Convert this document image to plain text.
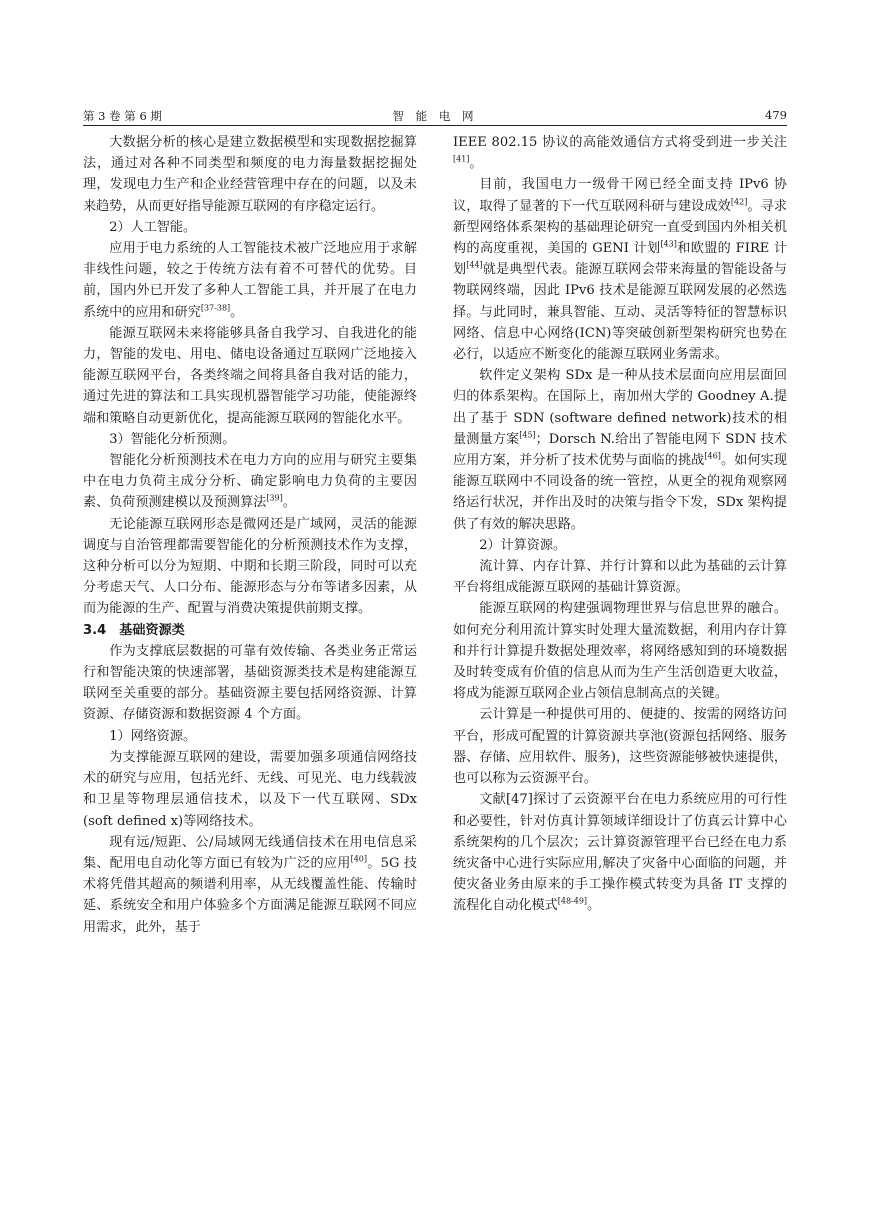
第 3 卷 第 6 期	智 能 电 网	479

大数据分析的核心是建立数据模型和实现数据挖掘算法，通过对各种不同类型和频度的电力海量数据挖掘处理，发现电力生产和企业经营管理中存在的问题，以及未来趋势，从而更好指导能源互联网的有序稳定运行。

2）人工智能。

应用于电力系统的人工智能技术被广泛地应用于求解非线性问题，较之于传统方法有着不可替代的优势。目前，国内外已开发了多种人工智能工具，并开展了在电力系统中的应用和研究[37-38]。

能源互联网未来将能够具备自我学习、自我进化的能力，智能的发电、用电、储电设备通过互联网广泛地接入能源互联网平台，各类终端之间将具备自我对话的能力，通过先进的算法和工具实现机器智能学习功能，使能源终端和策略自动更新优化，提高能源互联网的智能化水平。

3）智能化分析预测。

智能化分析预测技术在电力方向的应用与研究主要集中在电力负荷主成分分析、确定影响电力负荷的主要因素、负荷预测建模以及预测算法[39]。

无论能源互联网形态是微网还是广域网，灵活的能源调度与自治管理都需要智能化的分析预测技术作为支撑，这种分析可以分为短期、中期和长期三阶段，同时可以充分考虑天气、人口分布、能源形态与分布等诸多因素，从而为能源的生产、配置与消费决策提供前期支撑。

3.4　基础资源类

作为支撑底层数据的可靠有效传输、各类业务正常运行和智能决策的快速部署，基础资源类技术是构建能源互联网至关重要的部分。基础资源主要包括网络资源、计算资源、存储资源和数据资源 4 个方面。

1）网络资源。

为支撑能源互联网的建设，需要加强多项通信网络技术的研究与应用，包括光纤、无线、可见光、电力线载波和卫星等物理层通信技术，以及下一代互联网、SDx (soft defined x)等网络技术。

现有远/短距、公/局域网无线通信技术在用电信息采集、配用电自动化等方面已有较为广泛的应用[40]。5G 技术将凭借其超高的频谱利用率，从无线覆盖性能、传输时延、系统安全和用户体验多个方面满足能源互联网不同应用需求，此外，基于

IEEE 802.15 协议的高能效通信方式将受到进一步关注[41]。

目前，我国电力一级骨干网已经全面支持 IPv6 协议，取得了显著的下一代互联网科研与建设成效[42]。寻求新型网络体系架构的基础理论研究一直受到国内外相关机构的高度重视，美国的 GENI 计划[43]和欧盟的 FIRE 计划[44]就是典型代表。能源互联网会带来海量的智能设备与物联网终端，因此 IPv6 技术是能源互联网发展的必然选择。与此同时，兼具智能、互动、灵活等特征的智慧标识网络、信息中心网络(ICN)等突破创新型架构研究也势在必行，以适应不断变化的能源互联网业务需求。

软件定义架构 SDx 是一种从技术层面向应用层面回归的体系架构。在国际上，南加州大学的 Goodney A.提出了基于 SDN (software defined network)技术的相量测量方案[45]；Dorsch N.给出了智能电网下 SDN 技术应用方案，并分析了技术优势与面临的挑战[46]。如何实现能源互联网中不同设备的统一管控，从更全的视角观察网络运行状况，并作出及时的决策与指令下发，SDx 架构提供了有效的解决思路。

2）计算资源。

流计算、内存计算、并行计算和以此为基础的云计算平台将组成能源互联网的基础计算资源。

能源互联网的构建强调物理世界与信息世界的融合。如何充分利用流计算实时处理大量流数据，利用内存计算和并行计算提升数据处理效率，将网络感知到的环境数据及时转变成有价值的信息从而为生产生活创造更大收益，将成为能源互联网企业占领信息制高点的关键。

云计算是一种提供可用的、便捷的、按需的网络访问平台，形成可配置的计算资源共享池(资源包括网络、服务器、存储、应用软件、服务)，这些资源能够被快速提供，也可以称为云资源平台。

文献[47]探讨了云资源平台在电力系统应用的可行性和必要性，针对仿真计算领域详细设计了仿真云计算中心系统架构的几个层次；云计算资源管理平台已经在电力系统灾备中心进行实际应用,解决了灾备中心面临的问题，并使灾备业务由原来的手工操作模式转变为具备 IT 支撑的流程化自动化模式[48-49]。
